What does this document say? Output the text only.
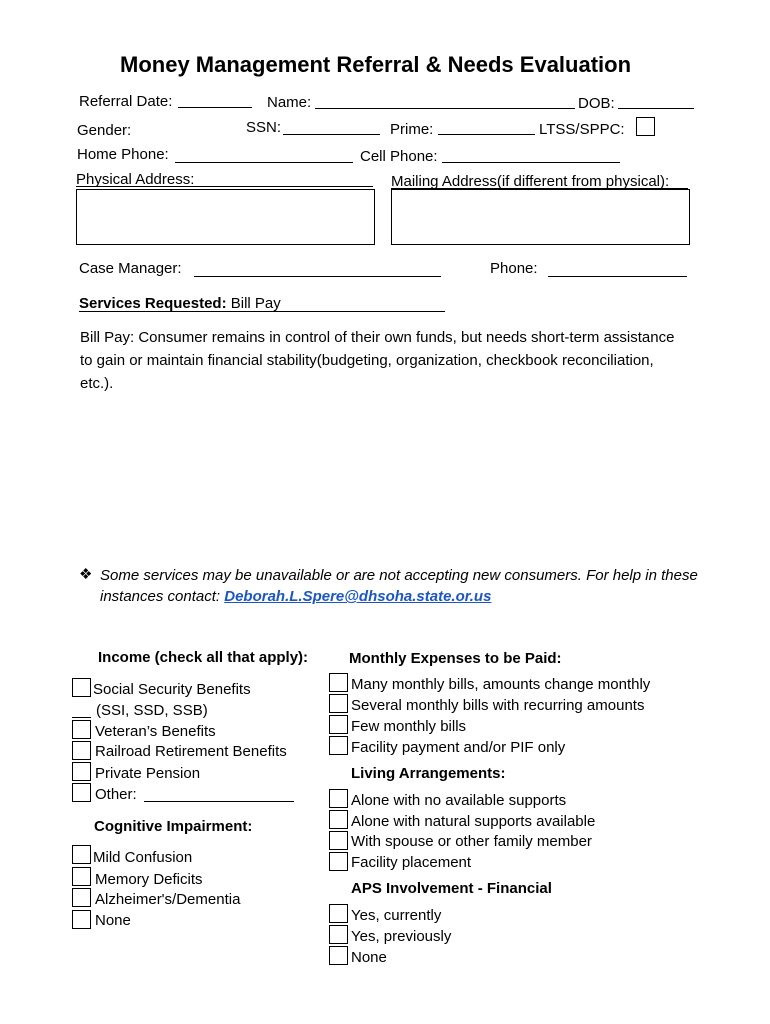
Money Management Referral & Needs Evaluation
Referral Date:	Name:	DOB:
Gender:	SSN:	Prime:	LTSS/SPPC:
Home Phone:	Cell Phone:
Physical Address:	Mailing Address(if different from physical):
Case Manager:	Phone:
Services Requested: Bill Pay
Bill Pay: Consumer remains in control of their own funds, but needs short-term assistance to gain or maintain financial stability(budgeting, organization, checkbook reconciliation, etc.).
❖ Some services may be unavailable or are not accepting new consumers. For help in these instances contact: Deborah.L.Spere@dhsoha.state.or.us
Income (check all that apply):
Social Security Benefits
(SSI, SSD, SSB)
Veteran’s Benefits
Railroad Retirement Benefits
Private Pension
Other:
Cognitive Impairment:
Mild Confusion
Memory Deficits
Alzheimer's/Dementia
None
Monthly Expenses to be Paid:
Many monthly bills, amounts change monthly
Several monthly bills with recurring amounts
Few monthly bills
Facility payment and/or PIF only
Living Arrangements:
Alone with no available supports
Alone with natural supports available
With spouse or other family member
Facility placement
APS Involvement - Financial
Yes, currently
Yes, previously
None
